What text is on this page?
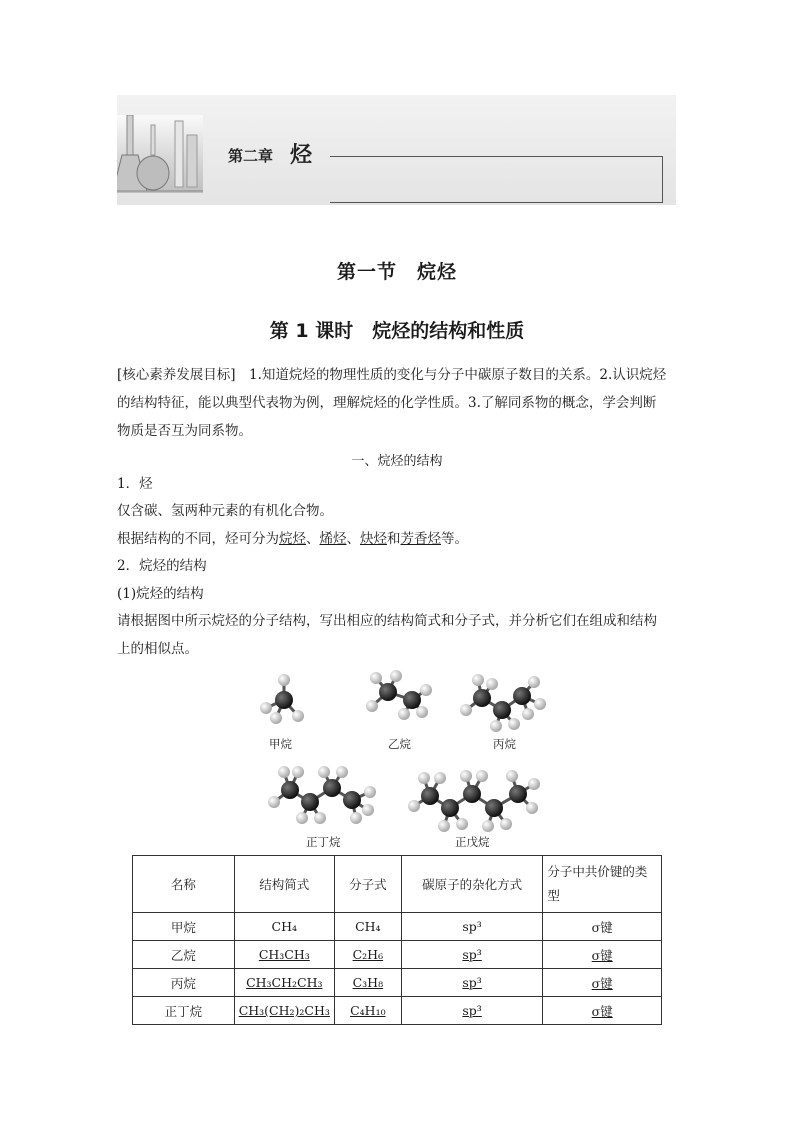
第二章 烃
第一节　烷烃
第 1 课时　烷烃的结构和性质

[核心素养发展目标]　1.知道烷烃的物理性质的变化与分子中碳原子数目的关系。2.认识烷烃

的结构特征，能以典型代表物为例，理解烷烃的化学性质。3.了解同系物的概念，学会判断

物质是否互为同系物。

一、烷烃的结构

1．烃

仅含碳、氢两种元素的有机化合物。

根据结构的不同，烃可分为烷烃、烯烃、炔烃和芳香烃等。

2．烷烃的结构

(1)烷烃的结构

请根据图中所示烷烃的分子结构，写出相应的结构简式和分子式，并分析它们在组成和结构

上的相似点。

甲烷	乙烷	丙烷
正丁烷	正戊烷
名称	结构简式	分子式	碳原子的杂化方式	分子中共价键的类型
甲烷	CH₄	CH₄	sp³	σ键
乙烷	CH₃CH₃	C₂H₆	sp³	σ键
丙烷	CH₃CH₂CH₃	C₃H₈	sp³	σ键
正丁烷	CH₃(CH₂)₂CH₃	C₄H₁₀	sp³	σ键
